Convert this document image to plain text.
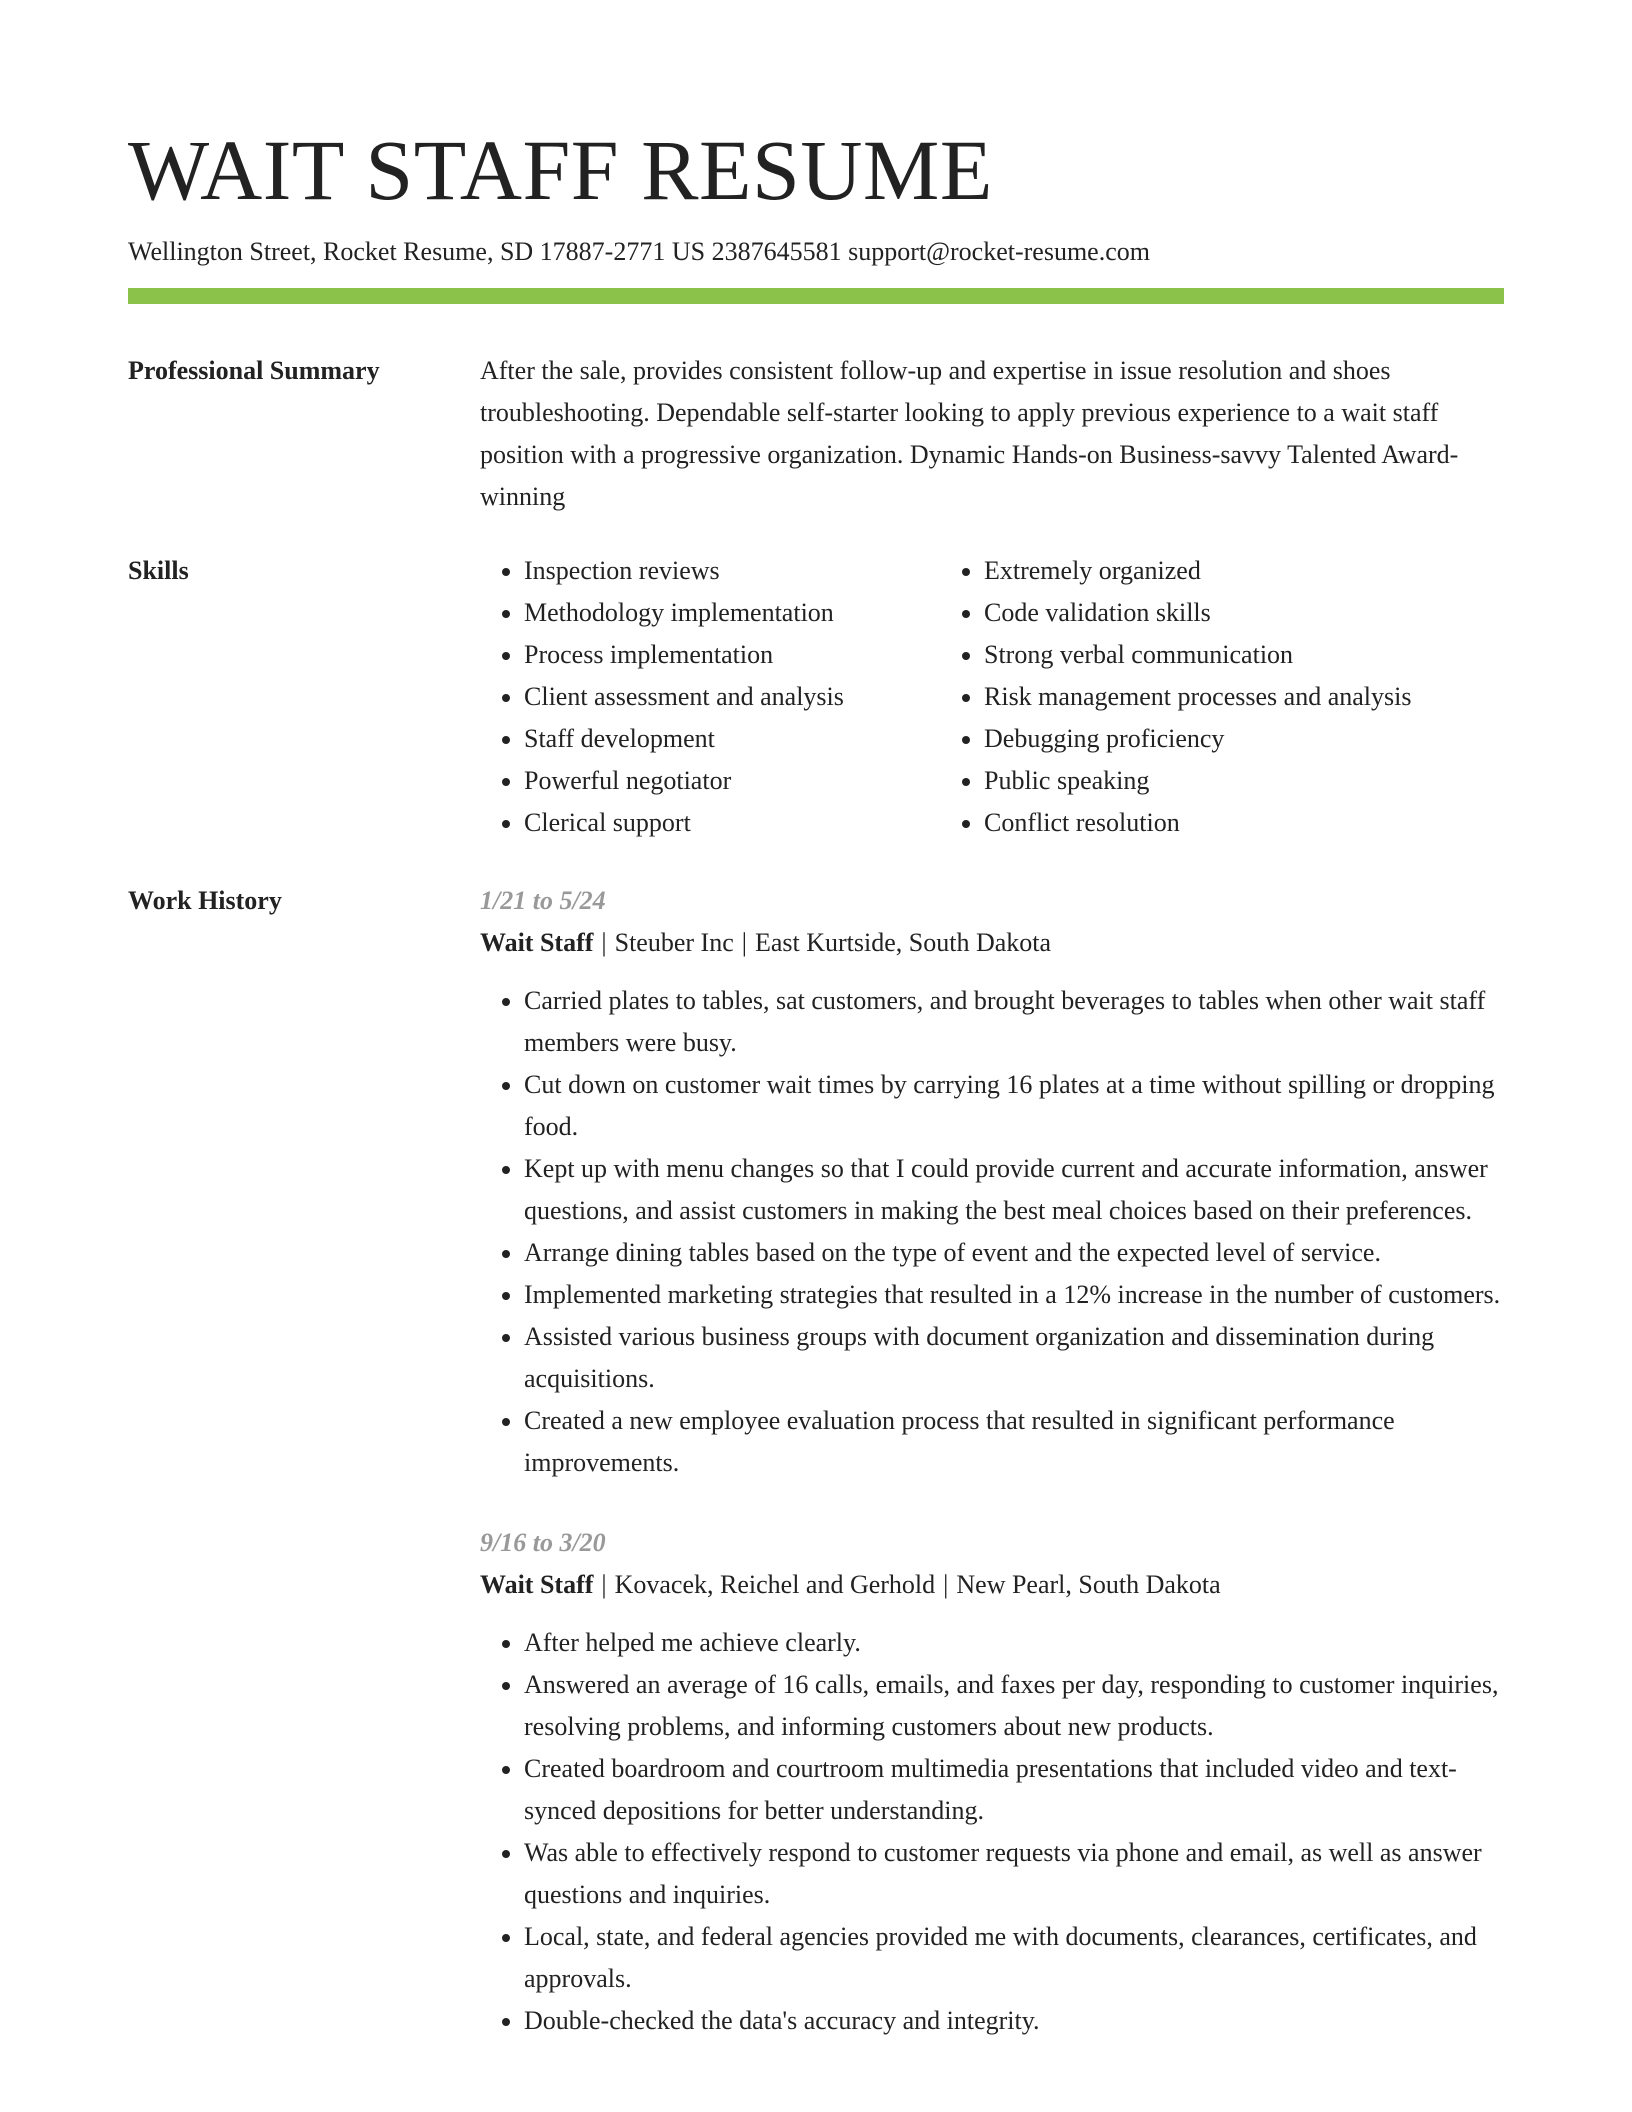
WAIT STAFF RESUME
Wellington Street, Rocket Resume, SD 17887-2771 US 2387645581 support@rocket-resume.com
Professional Summary	After the sale, provides consistent follow-up and expertise in issue resolution and shoes troubleshooting. Dependable self-starter looking to apply previous experience to a wait staff position with a progressive organization. Dynamic Hands-on Business-savvy Talented Award-winning

Skills
•	Inspection reviews
• Methodology implementation
• Process implementation
• Client assessment and analysis
• Staff development
• Powerful negotiator
• Clerical support
• Extremely organized
• Code validation skills
• Strong verbal communication
• Risk management processes and analysis
• Debugging proficiency
• Public speaking
• Conflict resolution
Work History	1/21 to 5/24
Wait Staff | Steuber Inc | East Kurtside, South Dakota
• Carried plates to tables, sat customers, and brought beverages to tables when other wait staff members were busy.
• Cut down on customer wait times by carrying 16 plates at a time without spilling or dropping food.
• Kept up with menu changes so that I could provide current and accurate information, answer questions, and assist customers in making the best meal choices based on their preferences.
• Arrange dining tables based on the type of event and the expected level of service.
• Implemented marketing strategies that resulted in a 12% increase in the number of customers.
• Assisted various business groups with document organization and dissemination during acquisitions.
• Created a new employee evaluation process that resulted in significant performance improvements.
9/16 to 3/20
Wait Staff | Kovacek, Reichel and Gerhold | New Pearl, South Dakota
• After helped me achieve clearly.
• Answered an average of 16 calls, emails, and faxes per day, responding to customer inquiries, resolving problems, and informing customers about new products.
• Created boardroom and courtroom multimedia presentations that included video and text-synced depositions for better understanding.
• Was able to effectively respond to customer requests via phone and email, as well as answer questions and inquiries.
• Local, state, and federal agencies provided me with documents, clearances, certificates, and approvals.
• Double-checked the data's accuracy and integrity.
